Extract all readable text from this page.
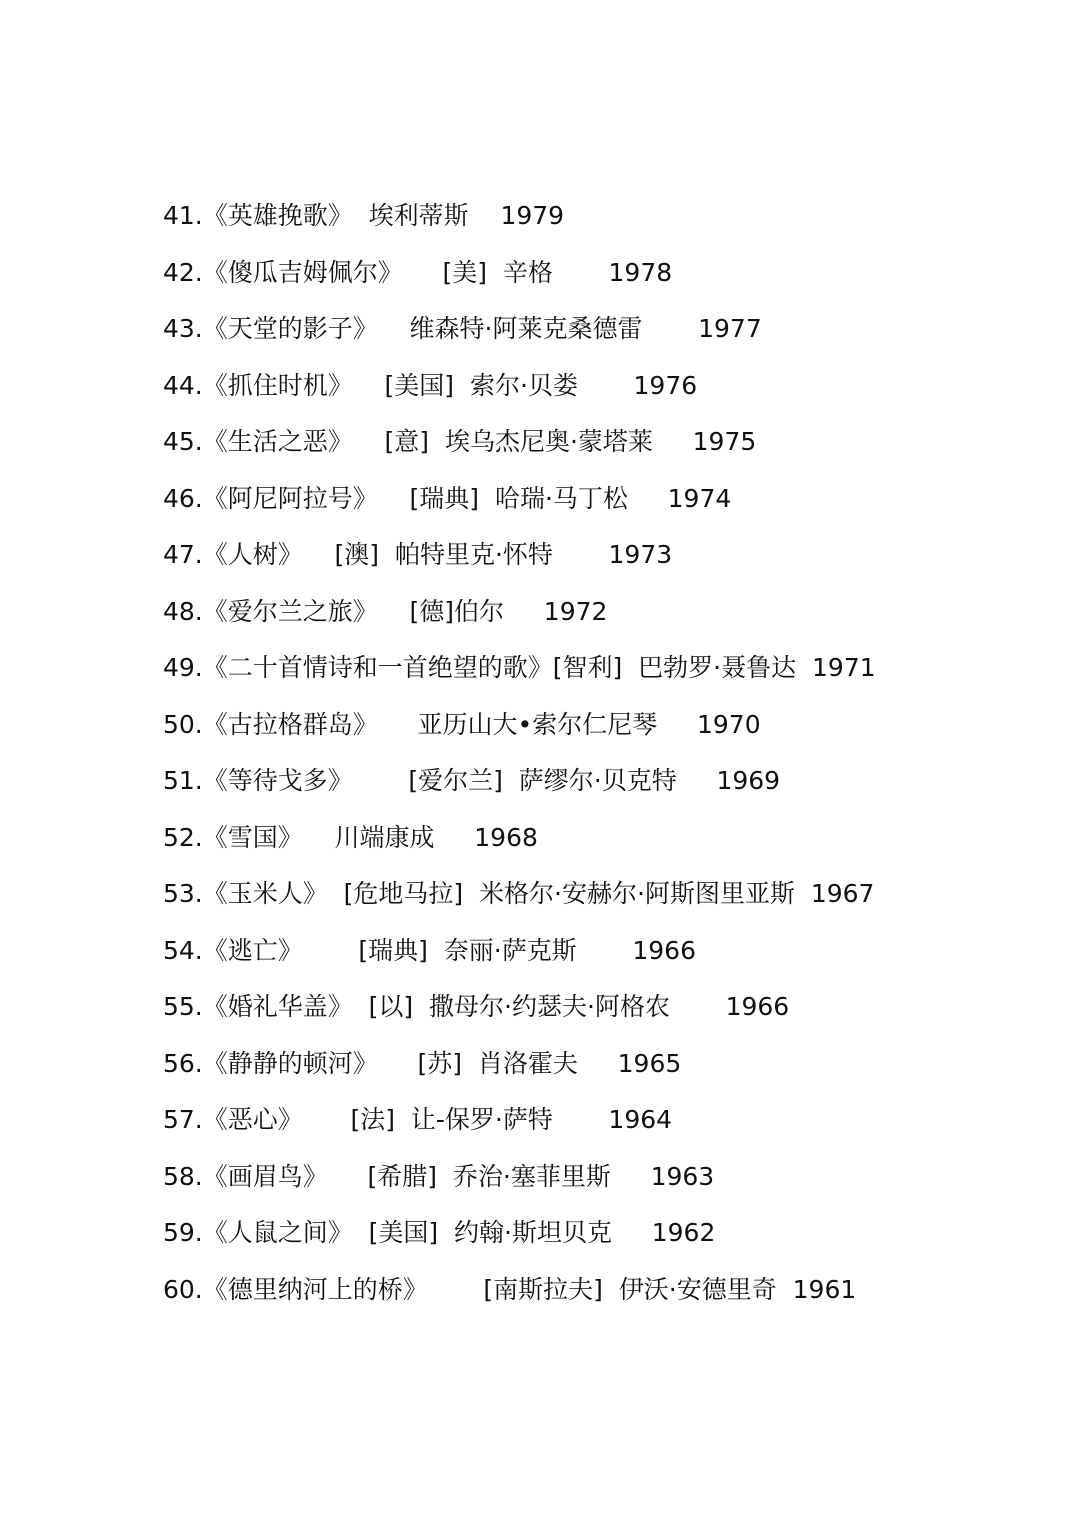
41.《英雄挽歌》  埃利蒂斯    1979
42.《傻瓜吉姆佩尔》     [美]  辛格       1978
43.《天堂的影子》    维森特·阿莱克桑德雷       1977
44.《抓住时机》    [美国]  索尔·贝娄       1976
45.《生活之恶》    [意]  埃乌杰尼奥·蒙塔莱     1975
46.《阿尼阿拉号》    [瑞典]  哈瑞·马丁松     1974
47.《人树》    [澳]  帕特里克·怀特       1973
48.《爱尔兰之旅》    [德]伯尔     1972
49.《二十首情诗和一首绝望的歌》[智利]  巴勃罗·聂鲁达  1971
50.《古拉格群岛》     亚历山大•索尔仁尼琴     1970
51.《等待戈多》       [爱尔兰]  萨缪尔·贝克特     1969
52.《雪国》    川端康成     1968
53.《玉米人》  [危地马拉]  米格尔·安赫尔·阿斯图里亚斯  1967
54.《逃亡》       [瑞典]  奈丽·萨克斯       1966
55.《婚礼华盖》  [以]  撒母尔·约瑟夫·阿格农       1966
56.《静静的顿河》     [苏]  肖洛霍夫     1965
57.《恶心》      [法]  让-保罗·萨特       1964
58.《画眉鸟》     [希腊]  乔治·塞菲里斯     1963
59.《人鼠之间》  [美国]  约翰·斯坦贝克     1962
60.《德里纳河上的桥》       [南斯拉夫]  伊沃·安德里奇  1961
